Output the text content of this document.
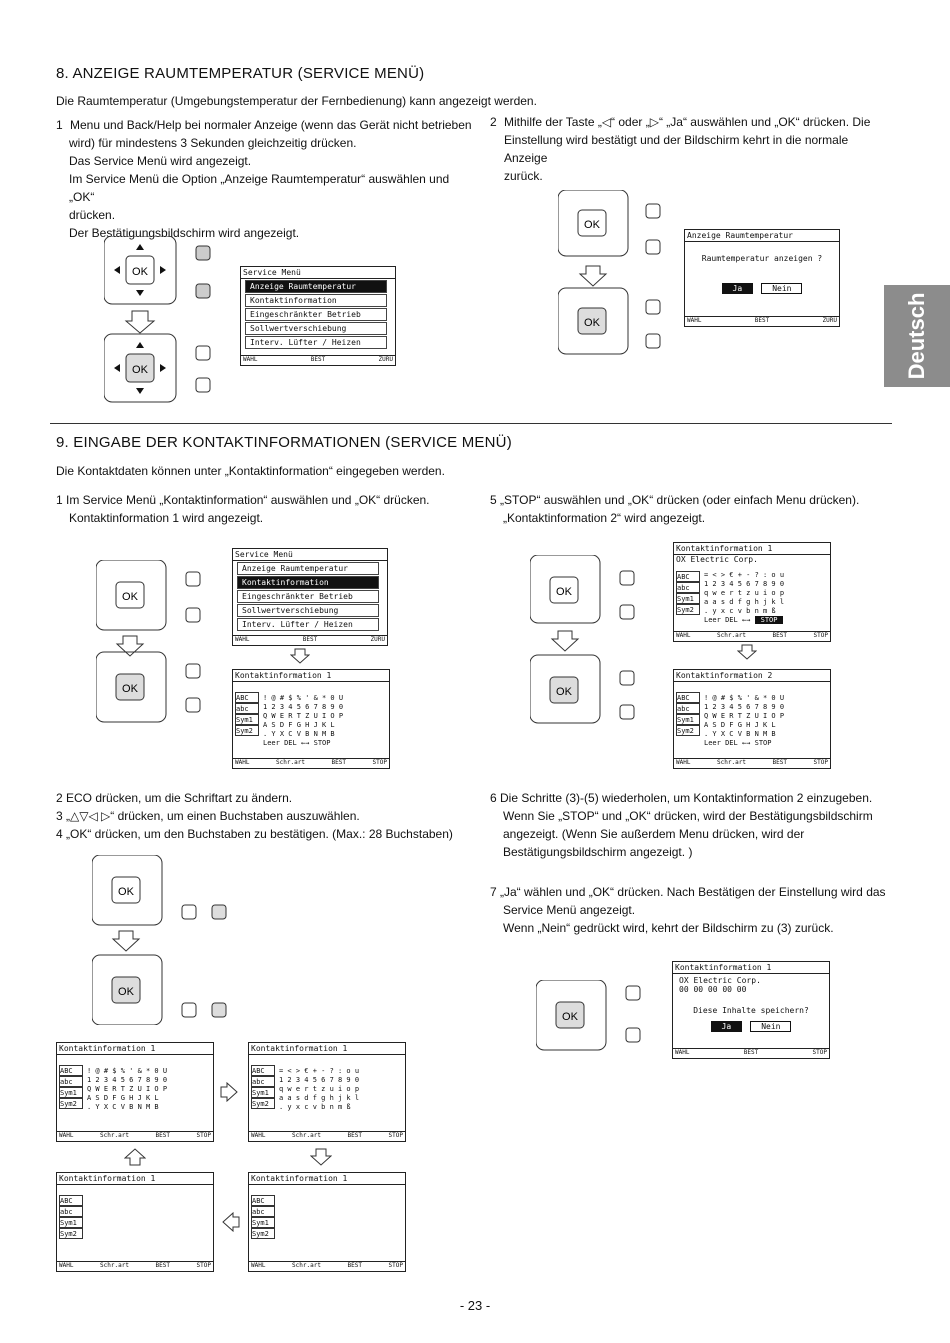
Deutsch
8. ANZEIGE RAUMTEMPERATUR (SERVICE MENÜ)
Die Raumtemperatur (Umgebungstemperatur der Fernbedienung) kann angezeigt werden.
1 Menu und Back/Help bei normaler Anzeige (wenn das Gerät nicht betrieben
wird) für mindestens 3 Sekunden gleichzeitig drücken.
Das Service Menü wird angezeigt.
Im Service Menü die Option „Anzeige Raumtemperatur“ auswählen und „OK“
drücken.
Der Bestätigungsbildschirm wird angezeigt.
2 Mithilfe der Taste „◁“ oder „▷“ „Ja“ auswählen und „OK“ drücken. Die
Einstellung wird bestätigt und der Bildschirm kehrt in die normale Anzeige
zurück.
OK
OK
Service Menü
Anzeige Raumtemperatur
Kontaktinformation
Eingeschränkter Betrieb
Sollwertverschiebung
Interv. Lüfter / Heizen
WAHL	BEST	ZURÜ
OK
OK
Anzeige Raumtemperatur
Raumtemperatur anzeigen ?
Ja	Nein
WAHL	BEST	ZURÜ
9. EINGABE DER KONTAKTINFORMATIONEN (SERVICE MENÜ)
Die Kontaktdaten können unter „Kontaktinformation“ eingegeben werden.
1 Im Service Menü „Kontaktinformation“ auswählen und „OK“ drücken.
Kontaktinformation 1 wird angezeigt.
5 „STOP“ auswählen und „OK“ drücken (oder einfach Menu drücken).
„Kontaktinformation 2“ wird angezeigt.
OK
OK
Service Menü
Anzeige Raumtemperatur
Kontaktinformation
Eingeschränkter Betrieb
Sollwertverschiebung
Interv. Lüfter / Heizen
WAHL	BEST	ZURÜ
Kontaktinformation 1
ABC
abc
Sym1
Sym2
! @ # $ % ' & * 0 U
1 2 3 4 5 6 7 8 9 0
Q W E R T Z U I O P
A S D F G H J K L
. Y X C V B N M B
Leer DEL ←→ STOP
WAHL	Schr.art	BEST	STOP
OK
OK
Kontaktinformation 1
OX Electric Corp.
ABC
abc
Sym1
Sym2
= < > € + - ? : o u
1 2 3 4 5 6 7 8 9 0
q w e r t z u i o p
a a s d f g h j k l
. y x c v b n m ß
Leer DEL ←→ STOP
WAHL	Schr.art	BEST	STOP
Kontaktinformation 2
ABC
abc
Sym1
Sym2
! @ # $ % ' & * 0 U
1 2 3 4 5 6 7 8 9 0
Q W E R T Z U I O P
A S D F G H J K L
. Y X C V B N M B
Leer DEL ←→ STOP
WAHL	Schr.art	BEST	STOP
2 ECO drücken, um die Schriftart zu ändern.
3 „△▽◁ ▷“ drücken, um einen Buchstaben auszuwählen.
4 „OK“ drücken, um den Buchstaben zu bestätigen. (Max.: 28 Buchstaben)
6 Die Schritte (3)-(5) wiederholen, um Kontaktinformation 2 einzugeben.
Wenn Sie „STOP“ und „OK“ drücken, wird der Bestätigungsbildschirm
angezeigt. (Wenn Sie außerdem Menu drücken, wird der
Bestätigungsbildschirm angezeigt. )
7 „Ja“ wählen und „OK“ drücken. Nach Bestätigen der Einstellung wird das
Service Menü angezeigt.
Wenn „Nein“ gedrückt wird, kehrt der Bildschirm zu (3) zurück.
OK
OK
OK
Kontaktinformation 1
OX Electric Corp.
00 00 00 00 00
Diese Inhalte speichern?
Ja	Nein
WAHL	BEST	STOP
Kontaktinformation 1
ABC
abc
Sym1
Sym2
! @ # $ % ' & * 0 U
1 2 3 4 5 6 7 8 9 0
Q W E R T Z U I O P
A S D F G H J K L
. Y X C V B N M B
WAHL	Schr.art	BEST	STOP
Kontaktinformation 1
ABC
abc
Sym1
Sym2
= < > € + - ? : o u
1 2 3 4 5 6 7 8 9 0
q w e r t z u i o p
a a s d f g h j k l
. y x c v b n m ß
WAHL	Schr.art	BEST	STOP
Kontaktinformation 1
ABC
abc
Sym1
Sym2
WAHL	Schr.art	BEST	STOP
Kontaktinformation 1
ABC
abc
Sym1
Sym2
WAHL	Schr.art	BEST	STOP
- 23 -
